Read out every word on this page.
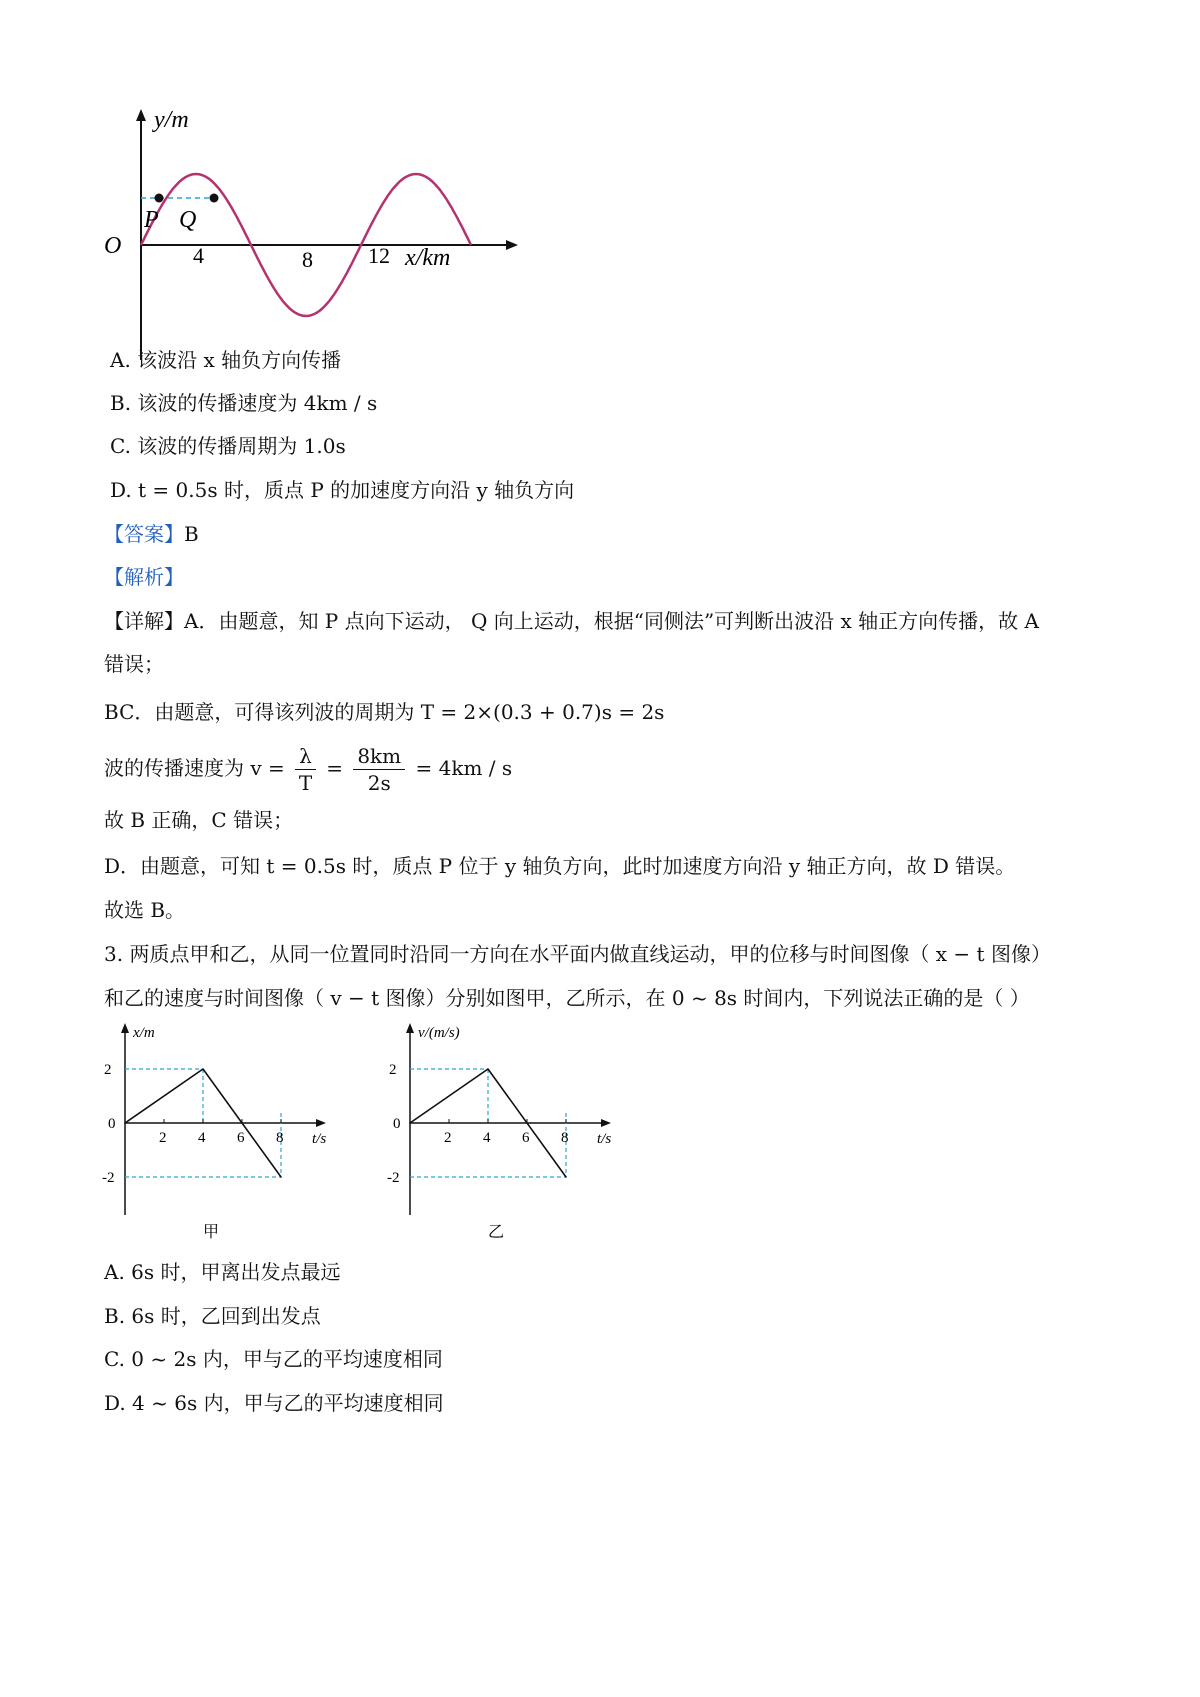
y/m
O
P Q
4	8	12 x/km
A. 该波沿 x 轴负方向传播
B. 该波的传播速度为 4km / s
C. 该波的传播周期为 1.0s
D. t = 0.5s 时，质点 P 的加速度方向沿 y 轴负方向
【答案】B
【解析】
【详解】A．由题意，知 P 点向下运动， Q 向上运动，根据“同侧法”可判断出波沿 x 轴正方向传播，故 A
错误；
BC．由题意，可得该列波的周期为 T = 2×(0.3 + 0.7)s = 2s
波的传播速度为 $v = \frac{\lambda}{T} = \frac{8km}{2s} = 4km / s$
故 B 正确，C 错误；
D．由题意，可知 t = 0.5s 时，质点 P 位于 y 轴负方向，此时加速度方向沿 y 轴正方向，故 D 错误。
故选 B。
3. 两质点甲和乙，从同一位置同时沿同一方向在水平面内做直线运动，甲的位移与时间图像（ x − t 图像）
和乙的速度与时间图像（ v − t 图像）分别如图甲，乙所示，在 0 ~ 8s 时间内，下列说法正确的是（ ）
2 4 6 8
2
0
-2
x/m
t/s
甲
2 4 6 8
2
0
-2
v/(m/s)
t/s
乙
A. 6s 时，甲离出发点最远
B. 6s 时，乙回到出发点
C. 0 ~ 2s 内，甲与乙的平均速度相同
D. 4 ~ 6s 内，甲与乙的平均速度相同
